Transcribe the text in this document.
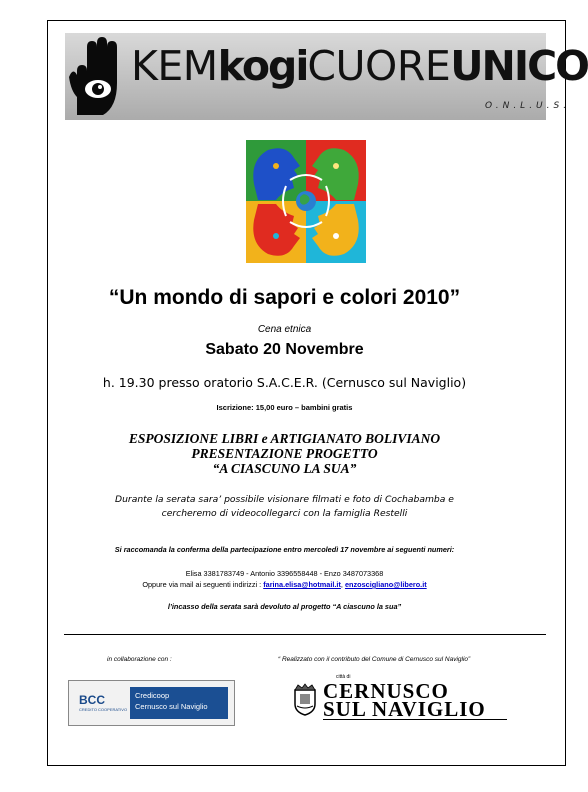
KEMkogiCUOREUNICO
O.N.L.U.S.
“Un mondo di sapori e colori 2010”
Cena etnica
Sabato 20 Novembre
h. 19.30 presso oratorio S.A.C.E.R. (Cernusco sul Naviglio)
Iscrizione: 15,00 euro – bambini gratis
ESPOSIZIONE LIBRI e ARTIGIANATO BOLIVIANO
PRESENTAZIONE PROGETTO
“A CIASCUNO LA SUA”
Durante la serata sara’ possibile visionare filmati e foto di Cochabamba e
cercheremo di videocollegarci con la famiglia Restelli
Si raccomanda la conferma della partecipazione entro mercoledì 17 novembre ai seguenti numeri:
Elisa 3381783749 - Antonio 3396558448 - Enzo 3487073368
Oppure via mail ai seguenti indirizzi : farina.elisa@hotmail.it, enzoscigliano@libero.it
l’incasso della serata sarà devoluto al progetto “A ciascuno la sua”
in collaborazione con :	“ Realizzato con il contributo del Comune di Cernusco sul Naviglio”
BCC
CREDITO COOPERATIVO
Credicoop
Cernusco sul Naviglio
città di
CERNUSCO
SUL NAVIGLIO
